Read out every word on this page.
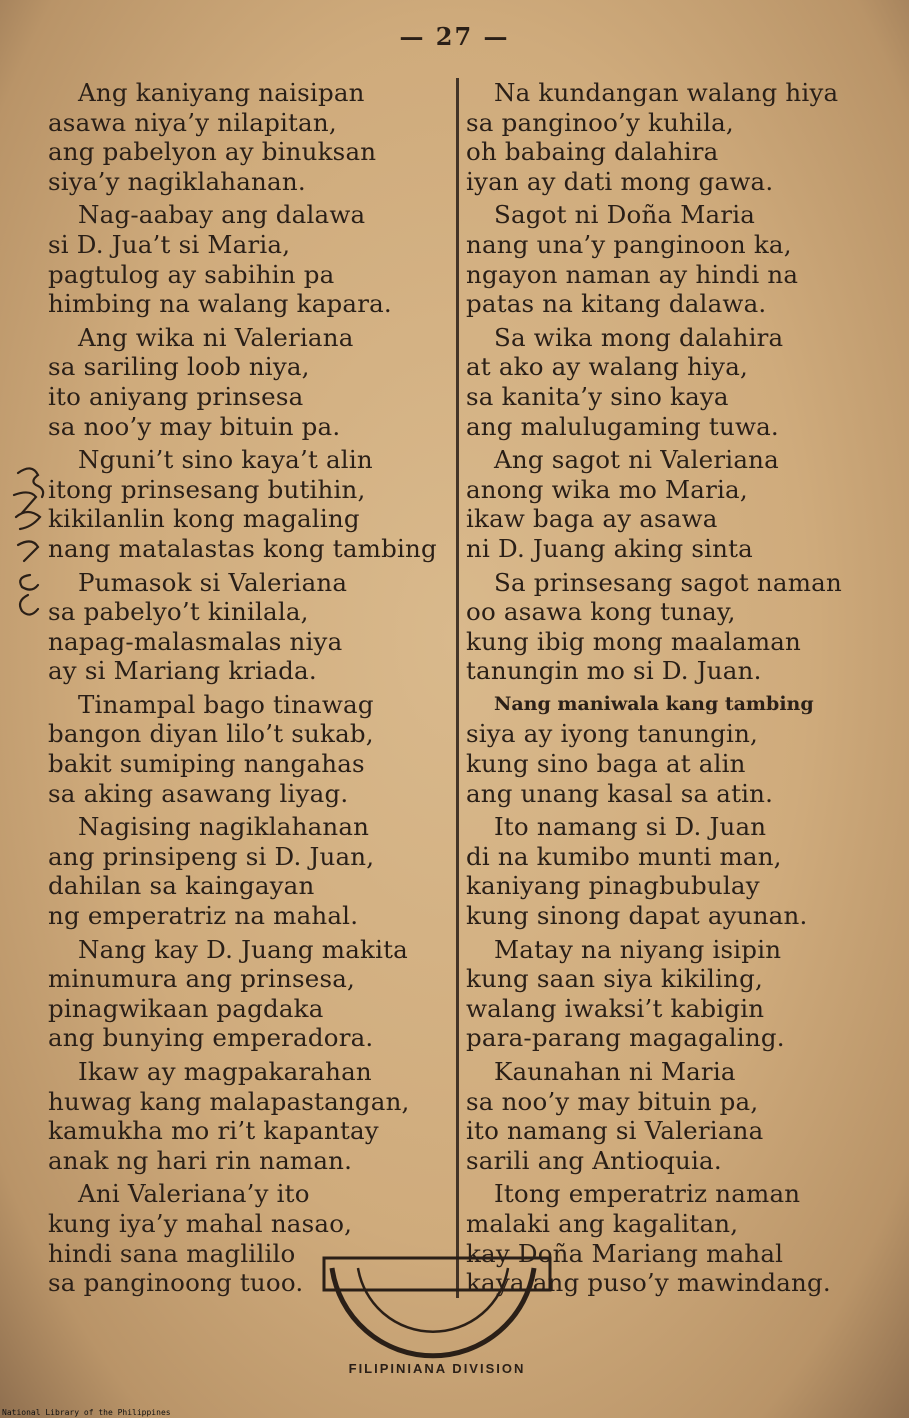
— 27 —
Ang kaniyang naisipan
asawa niya’y nilapitan,
ang pabelyon ay binuksan
siya’y nagiklahanan.
Nag-aabay ang dalawa
si D. Jua’t si Maria,
pagtulog ay sabihin pa
himbing na walang kapara.
Ang wika ni Valeriana
sa sariling loob niya,
ito aniyang prinsesa
sa noo’y may bituin pa.
Nguni’t sino kaya’t alin
itong prinsesang butihin,
kikilanlin kong magaling
nang matalastas kong tambing
Pumasok si Valeriana
sa pabelyo’t kinilala,
napag-malasmalas niya
ay si Mariang kriada.
Tinampal bago tinawag
bangon diyan lilo’t sukab,
bakit sumiping nangahas
sa aking asawang liyag.
Nagising nagiklahanan
ang prinsipeng si D. Juan,
dahilan sa kaingayan
ng emperatriz na mahal.
Nang kay D. Juang makita
minumura ang prinsesa,
pinagwikaan pagdaka
ang bunying emperadora.
Ikaw ay magpakarahan
huwag kang malapastangan,
kamukha mo ri’t kapantay
anak ng hari rin naman.
Ani Valeriana’y ito
kung iya’y mahal nasao,
hindi sana maglililo
sa panginoong tuoo.
Na kundangan walang hiya
sa panginoo’y kuhila,
oh babaing dalahira
iyan ay dati mong gawa.
Sagot ni Doña Maria
nang una’y panginoon ka,
ngayon naman ay hindi na
patas na kitang dalawa.
Sa wika mong dalahira
at ako ay walang hiya,
sa kanita’y sino kaya
ang malulugaming tuwa.
Ang sagot ni Valeriana
anong wika mo Maria,
ikaw baga ay asawa
ni D. Juang aking sinta
Sa prinsesang sagot naman
oo asawa kong tunay,
kung ibig mong maalaman
tanungin mo si D. Juan.
Nang maniwala kang tambing
siya ay iyong tanungin,
kung sino baga at alin
ang unang kasal sa atin.
Ito namang si D. Juan
di na kumibo munti man,
kaniyang pinagbubulay
kung sinong dapat ayunan.
Matay na niyang isipin
kung saan siya kikiling,
walang iwaksi’t kabigin
para-parang magagaling.
Kaunahan ni Maria
sa noo’y may bituin pa,
ito namang si Valeriana
sarili ang Antioquia.
Itong emperatriz naman
malaki ang kagalitan,
kay Doña Mariang mahal
kaya ang puso’y mawindang.
FILIPINIANA DIVISION
National Library of the Philippines
